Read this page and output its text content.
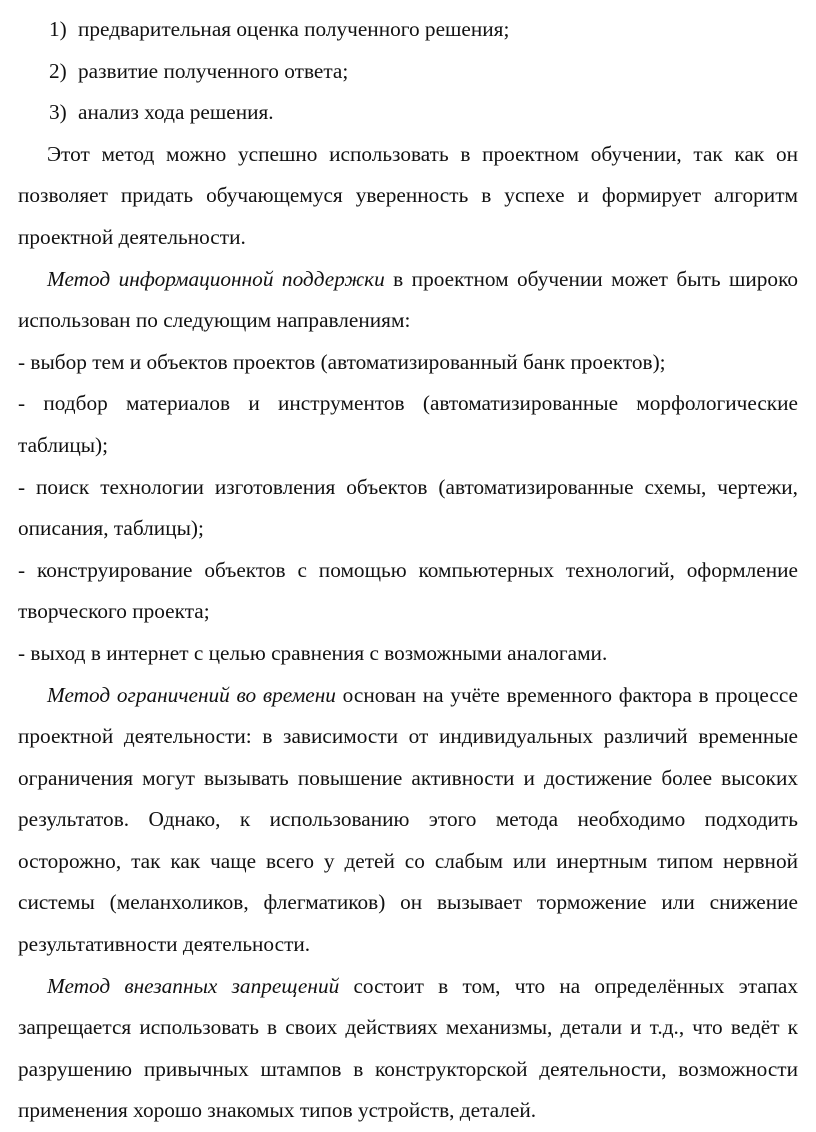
1) предварительная оценка полученного решения;
2) развитие полученного ответа;
3) анализ хода решения.

Этот метод можно успешно использовать в проектном обучении, так как он позволяет придать обучающемуся уверенность в успехе и формирует алгоритм проектной деятельности.

Метод информационной поддержки в проектном обучении может быть широко использован по следующим направлениям:

- выбор тем и объектов проектов (автоматизированный банк проектов);
- подбор материалов и инструментов (автоматизированные морфологические таблицы);
- поиск технологии изготовления объектов (автоматизированные схемы, чертежи, описания, таблицы);
- конструирование объектов с помощью компьютерных технологий, оформление творческого проекта;
- выход в интернет с целью сравнения с возможными аналогами.

Метод ограничений во времени основан на учёте временного фактора в процессе проектной деятельности: в зависимости от индивидуальных различий временные ограничения могут вызывать повышение активности и достижение более высоких результатов. Однако, к использованию этого метода необходимо подходить осторожно, так как чаще всего у детей со слабым или инертным типом нервной системы (меланхоликов, флегматиков) он вызывает торможение или снижение результативности деятельности.

Метод внезапных запрещений состоит в том, что на определённых этапах запрещается использовать в своих действиях механизмы, детали и т.д., что ведёт к разрушению привычных штампов в конструкторской деятельности, возможности применения хорошо знакомых типов устройств, деталей.
